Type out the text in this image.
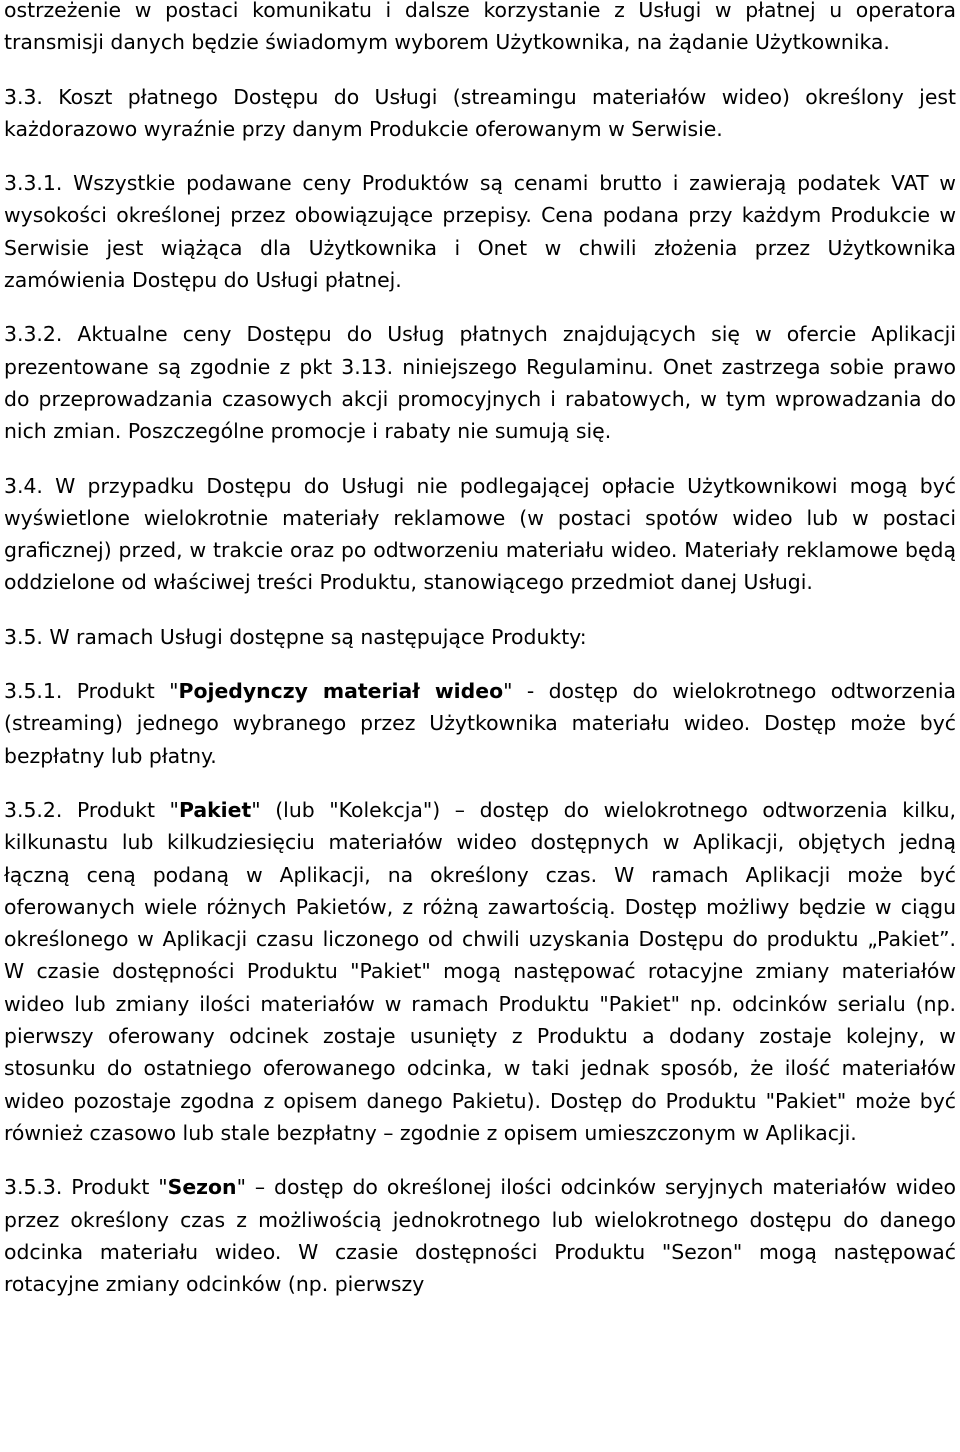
ostrzeżenie w postaci komunikatu i dalsze korzystanie z Usługi w płatnej u operatora transmisji danych będzie świadomym wyborem Użytkownika, na żądanie Użytkownika.

3.3. Koszt płatnego Dostępu do Usługi (streamingu materiałów wideo) określony jest każdorazowo wyraźnie przy danym Produkcie oferowanym w Serwisie.

3.3.1. Wszystkie podawane ceny Produktów są cenami brutto i zawierają podatek VAT w wysokości określonej przez obowiązujące przepisy. Cena podana przy każdym Produkcie w Serwisie jest wiążąca dla Użytkownika i Onet w chwili złożenia przez Użytkownika zamówienia Dostępu do Usługi płatnej.

3.3.2. Aktualne ceny Dostępu do Usług płatnych znajdujących się w ofercie Aplikacji prezentowane są zgodnie z pkt 3.13. niniejszego Regulaminu. Onet zastrzega sobie prawo do przeprowadzania czasowych akcji promocyjnych i rabatowych, w tym wprowadzania do nich zmian. Poszczególne promocje i rabaty nie sumują się.

3.4. W przypadku Dostępu do Usługi nie podlegającej opłacie Użytkownikowi mogą być wyświetlone wielokrotnie materiały reklamowe (w postaci spotów wideo lub w postaci graficznej) przed, w trakcie oraz po odtworzeniu materiału wideo. Materiały reklamowe będą oddzielone od właściwej treści Produktu, stanowiącego przedmiot danej Usługi.

3.5. W ramach Usługi dostępne są następujące Produkty:

3.5.1. Produkt "Pojedynczy materiał wideo" - dostęp do wielokrotnego odtworzenia (streaming) jednego wybranego przez Użytkownika materiału wideo. Dostęp może być bezpłatny lub płatny.

3.5.2. Produkt "Pakiet" (lub "Kolekcja") – dostęp do wielokrotnego odtworzenia kilku, kilkunastu lub kilkudziesięciu materiałów wideo dostępnych w Aplikacji, objętych jedną łączną ceną podaną w Aplikacji, na określony czas. W ramach Aplikacji może być oferowanych wiele różnych Pakietów, z różną zawartością. Dostęp możliwy będzie w ciągu określonego w Aplikacji czasu liczonego od chwili uzyskania Dostępu do produktu „Pakiet”. W czasie dostępności Produktu "Pakiet" mogą następować rotacyjne zmiany materiałów wideo lub zmiany ilości materiałów w ramach Produktu "Pakiet" np. odcinków serialu (np. pierwszy oferowany odcinek zostaje usunięty z Produktu a dodany zostaje kolejny, w stosunku do ostatniego oferowanego odcinka, w taki jednak sposób, że ilość materiałów wideo pozostaje zgodna z opisem danego Pakietu). Dostęp do Produktu "Pakiet" może być również czasowo lub stale bezpłatny – zgodnie z opisem umieszczonym w Aplikacji.

3.5.3. Produkt "Sezon" – dostęp do określonej ilości odcinków seryjnych materiałów wideo przez określony czas z możliwością jednokrotnego lub wielokrotnego dostępu do danego odcinka materiału wideo. W czasie dostępności Produktu "Sezon" mogą następować rotacyjne zmiany odcinków (np. pierwszy
